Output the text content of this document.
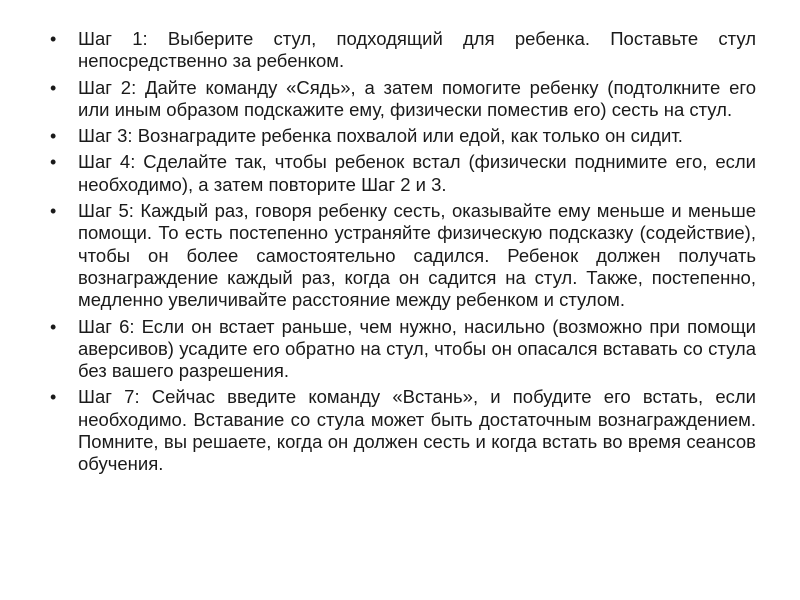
• Шаг 1: Выберите стул, подходящий для ребенка. Поставьте стул непосредственно за ребенком.
• Шаг 2: Дайте команду «Сядь», а затем помогите ребенку (подтолкните его или иным образом подскажите ему, физически поместив его) сесть на стул.
• Шаг 3: Вознаградите ребенка похвалой или едой, как только он сидит.
• Шаг 4: Сделайте так, чтобы ребенок встал (физически поднимите его, если необходимо), а затем повторите Шаг 2 и 3.
• Шаг 5: Каждый раз, говоря ребенку сесть, оказывайте ему меньше и меньше помощи. То есть постепенно устраняйте физическую подсказку (содействие), чтобы он более самостоятельно садился. Ребенок должен получать вознаграждение каждый раз, когда он садится на стул. Также, постепенно, медленно увеличивайте расстояние между ребенком и стулом.
• Шаг 6: Если он встает раньше, чем нужно, насильно (возможно при помощи аверсивов) усадите его обратно на стул, чтобы он опасался вставать со стула без вашего разрешения.
• Шаг 7: Сейчас введите команду «Встань», и побудите его встать, если необходимо. Вставание со стула может быть достаточным вознаграждением. Помните, вы решаете, когда он должен сесть и когда встать во время сеансов обучения.
